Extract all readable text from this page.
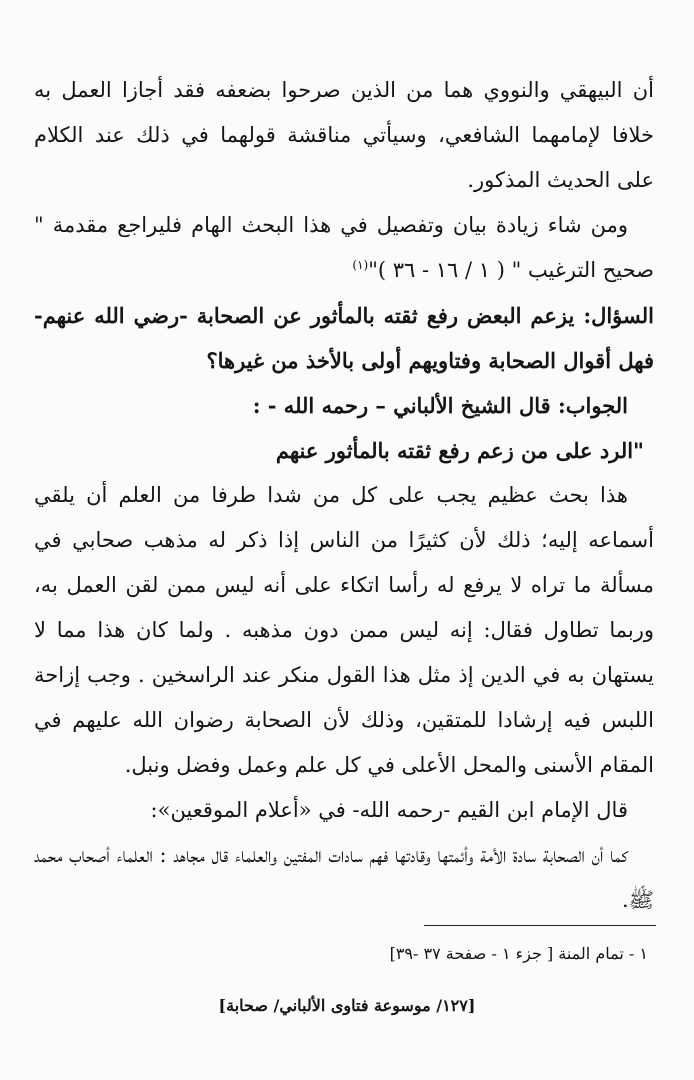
أن البيهقي والنووي هما من الذين صرحوا بضعفه فقد أجازا العمل به خلافا لإمامهما الشافعي، وسيأتي مناقشة قولهما في ذلك عند الكلام على الحديث المذكور.

ومن شاء زيادة بيان وتفصيل في هذا البحث الهام فليراجع مقدمة " صحيح الترغيب " ( ١ / ١٦ - ٣٦ )"$^{(١)}$

السؤال: يزعم البعض رفع ثقته بالمأثور عن الصحابة -رضي الله عنهم- فهل أقوال الصحابة وفتاويهم أولى بالأخذ من غيرها؟

الجواب: قال الشيخ الألباني – رحمه الله - :

"الرد على من زعم رفع ثقته بالمأثور عنهم

هذا بحث عظيم يجب على كل من شدا طرفا من العلم أن يلقي أسماعه إليه؛ ذلك لأن كثيرًا من الناس إذا ذكر له مذهب صحابي في مسألة ما تراه لا يرفع له رأسا اتكاء على أنه ليس ممن لقن العمل به، وربما تطاول فقال: إنه ليس ممن دون مذهبه . ولما كان هذا مما لا يستهان به في الدين إذ مثل هذا القول منكر عند الراسخين . وجب إزاحة اللبس فيه إرشادا للمتقين، وذلك لأن الصحابة رضوان الله عليهم في المقام الأسنى والمحل الأعلى في كل علم وعمل وفضل ونبل.

قال الإمام ابن القيم -رحمه الله- في «أعلام الموقعين»:

كما أن الصحابة سادة الأمة وأئمتها وقادتها فهم سادات المفتين والعلماء قال مجاهد : العلماء أصحاب محمد ﷺ.

١ - تمام المنة [ جزء ١ - صفحة ٣٧ -٣٩]
[١٢٧/ موسوعة فتاوى الألباني/ صحابة]
